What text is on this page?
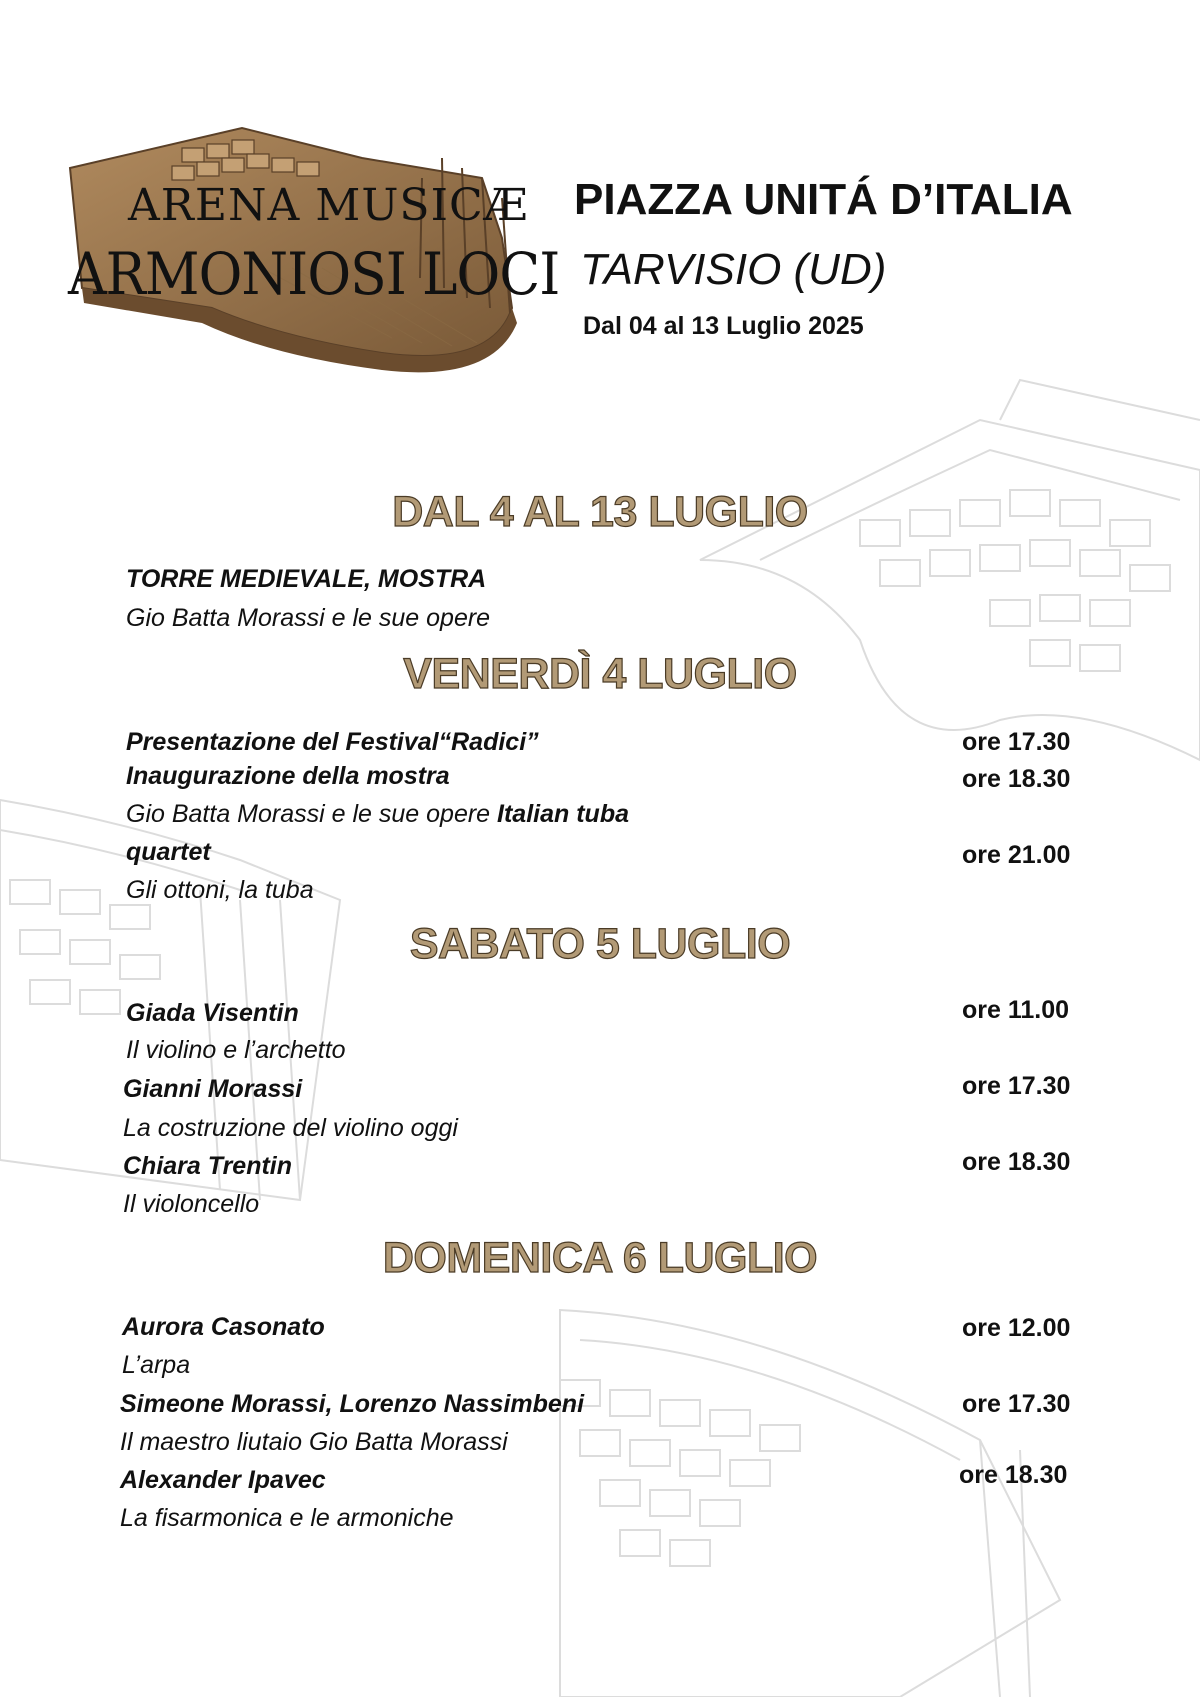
ARENA MUSICÆ
ARMONIOSI LOCI
PIAZZA UNITÁ D’ITALIA
TARVISIO (UD)
Dal 04 al 13 Luglio 2025
DAL 4 AL 13 LUGLIO
TORRE MEDIEVALE, MOSTRA
Gio Batta Morassi e le sue opere
VENERDÌ 4 LUGLIO
Presentazione del Festival“Radici”	ore 17.30
Inaugurazione della mostra	ore 18.30
Gio Batta Morassi e le sue opere Italian tuba
quartet	ore 21.00
Gli ottoni, la tuba
SABATO 5 LUGLIO
Giada Visentin	ore 11.00
Il violino e l’archetto
Gianni Morassi	ore 17.30
La costruzione del violino oggi
Chiara Trentin	ore 18.30
Il violoncello
DOMENICA 6 LUGLIO
Aurora Casonato	ore 12.00
L’arpa
Simeone Morassi, Lorenzo Nassimbeni	ore 17.30
Il maestro liutaio Gio Batta Morassi
Alexander Ipavec	ore 18.30
La fisarmonica e le armoniche
